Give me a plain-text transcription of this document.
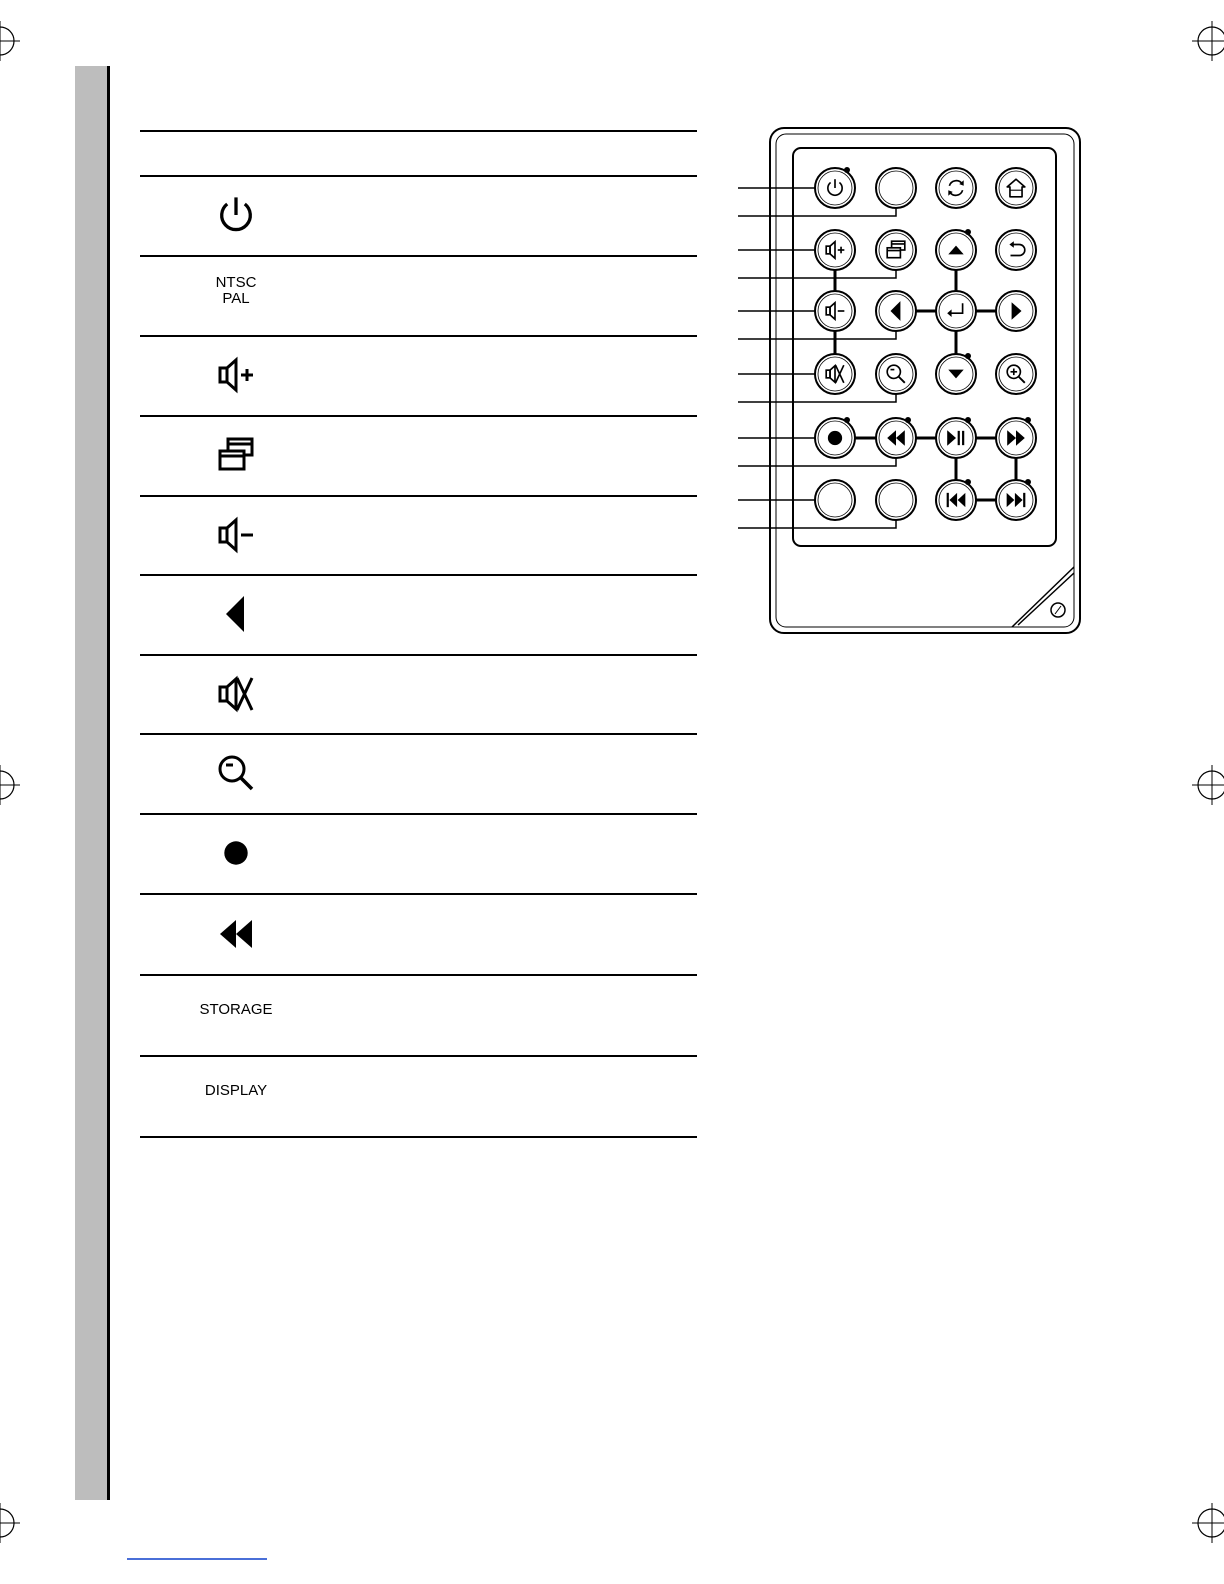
NTSC
PAL
STORAGE
DISPLAY
